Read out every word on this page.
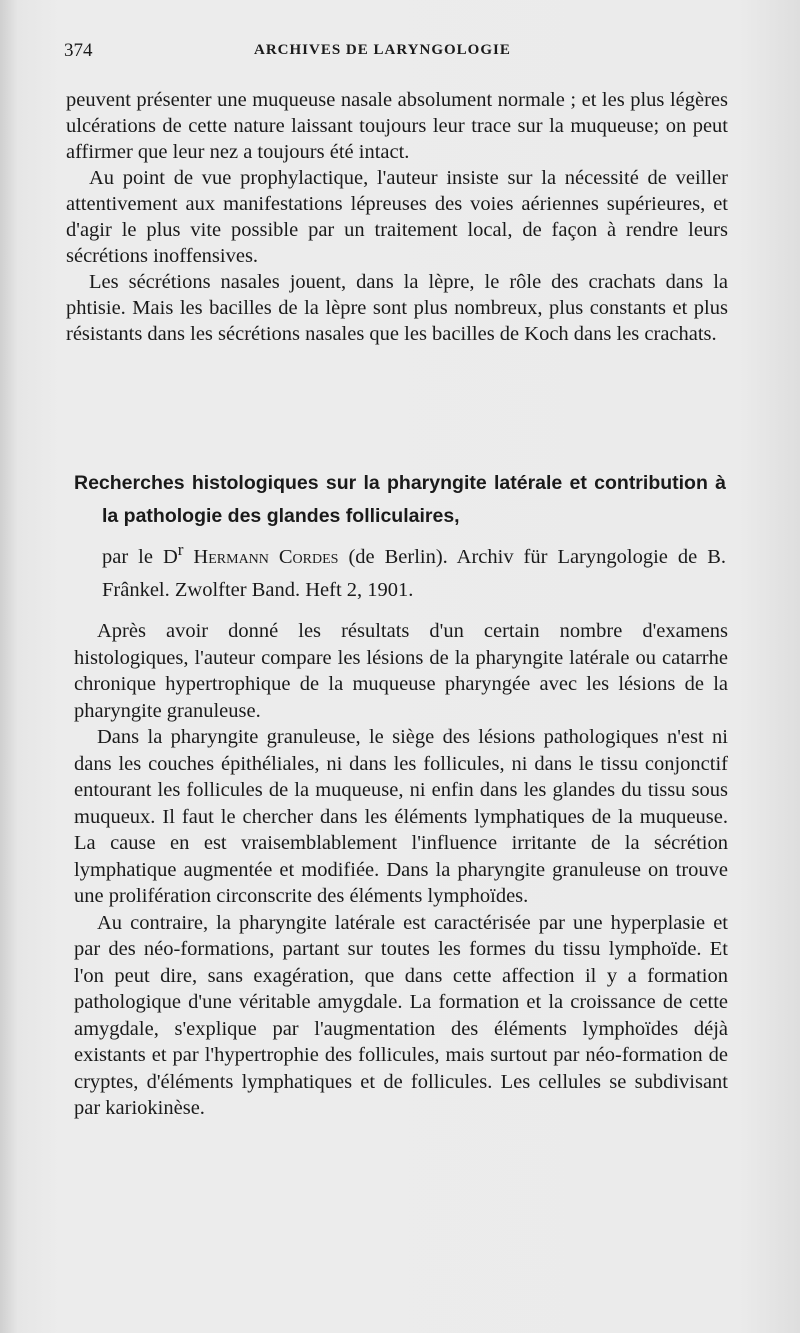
374	ARCHIVES DE LARYNGOLOGIE

peuvent présenter une muqueuse nasale absolument normale ; et les plus légères ulcérations de cette nature laissant toujours leur trace sur la muqueuse; on peut affirmer que leur nez a toujours été intact.

Au point de vue prophylactique, l'auteur insiste sur la nécessité de veiller attentivement aux manifestations lépreuses des voies aériennes supérieures, et d'agir le plus vite possible par un traitement local, de façon à rendre leurs sécrétions inoffensives.

Les sécrétions nasales jouent, dans la lèpre, le rôle des crachats dans la phtisie. Mais les bacilles de la lèpre sont plus nombreux, plus constants et plus résistants dans les sécrétions nasales que les bacilles de Koch dans les crachats.

Recherches histologiques sur la pharyngite latérale et contribution à la pathologie des glandes folliculaires,
par le $D^r$ Hermann Cordes (de Berlin). Archiv für Laryngologie de B. Frânkel. Zwolfter Band. Heft 2, 1901.

Après avoir donné les résultats d'un certain nombre d'examens histologiques, l'auteur compare les lésions de la pharyngite latérale ou catarrhe chronique hypertrophique de la muqueuse pharyngée avec les lésions de la pharyngite granuleuse.

Dans la pharyngite granuleuse, le siège des lésions pathologiques n'est ni dans les couches épithéliales, ni dans les follicules, ni dans le tissu conjonctif entourant les follicules de la muqueuse, ni enfin dans les glandes du tissu sous muqueux. Il faut le chercher dans les éléments lymphatiques de la muqueuse. La cause en est vraisemblablement l'influence irritante de la sécrétion lymphatique augmentée et modifiée. Dans la pharyngite granuleuse on trouve une prolifération circonscrite des éléments lymphoïdes.

Au contraire, la pharyngite latérale est caractérisée par une hyperplasie et par des néo-formations, partant sur toutes les formes du tissu lymphoïde. Et l'on peut dire, sans exagération, que dans cette affection il y a formation pathologique d'une véritable amygdale. La formation et la croissance de cette amygdale, s'explique par l'augmentation des éléments lymphoïdes déjà existants et par l'hypertrophie des follicules, mais surtout par néo-formation de cryptes, d'éléments lymphatiques et de follicules. Les cellules se subdivisant par kariokinèse.
